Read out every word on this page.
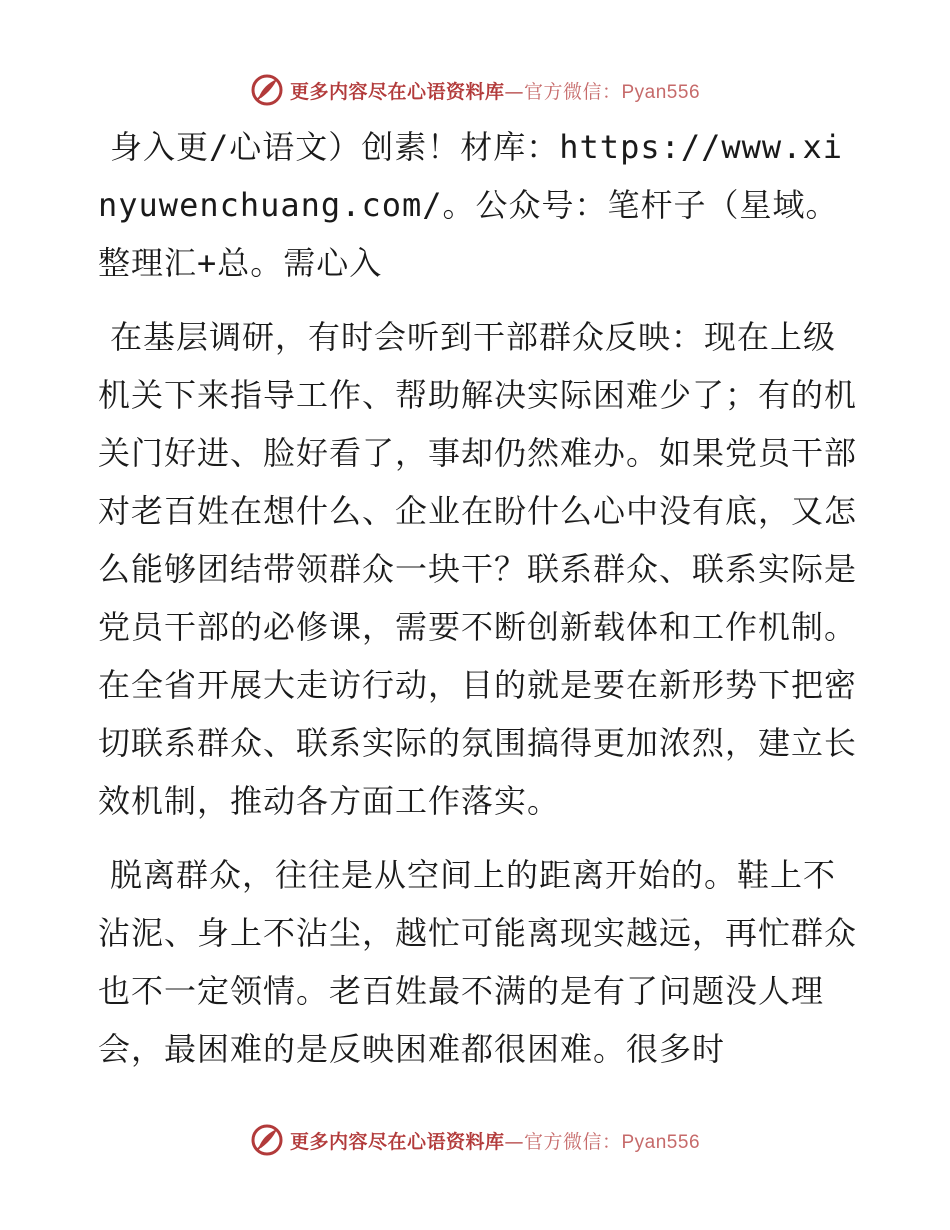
更多内容尽在心语资料库—官方微信：Pyan556

身入更/心语文）创素！材库：https://www.xinyuwenchuang.com/。公众号：笔杆子（星域。整理汇+总。需心入

在基层调研，有时会听到干部群众反映：现在上级机关下来指导工作、帮助解决实际困难少了；有的机关门好进、脸好看了，事却仍然难办。如果党员干部对老百姓在想什么、企业在盼什么心中没有底，又怎么能够团结带领群众一块干？联系群众、联系实际是党员干部的必修课，需要不断创新载体和工作机制。在全省开展大走访行动，目的就是要在新形势下把密切联系群众、联系实际的氛围搞得更加浓烈，建立长效机制，推动各方面工作落实。

脱离群众，往往是从空间上的距离开始的。鞋上不沾泥、身上不沾尘，越忙可能离现实越远，再忙群众也不一定领情。老百姓最不满的是有了问题没人理会，最困难的是反映困难都很困难。很多时

更多内容尽在心语资料库—官方微信：Pyan556
